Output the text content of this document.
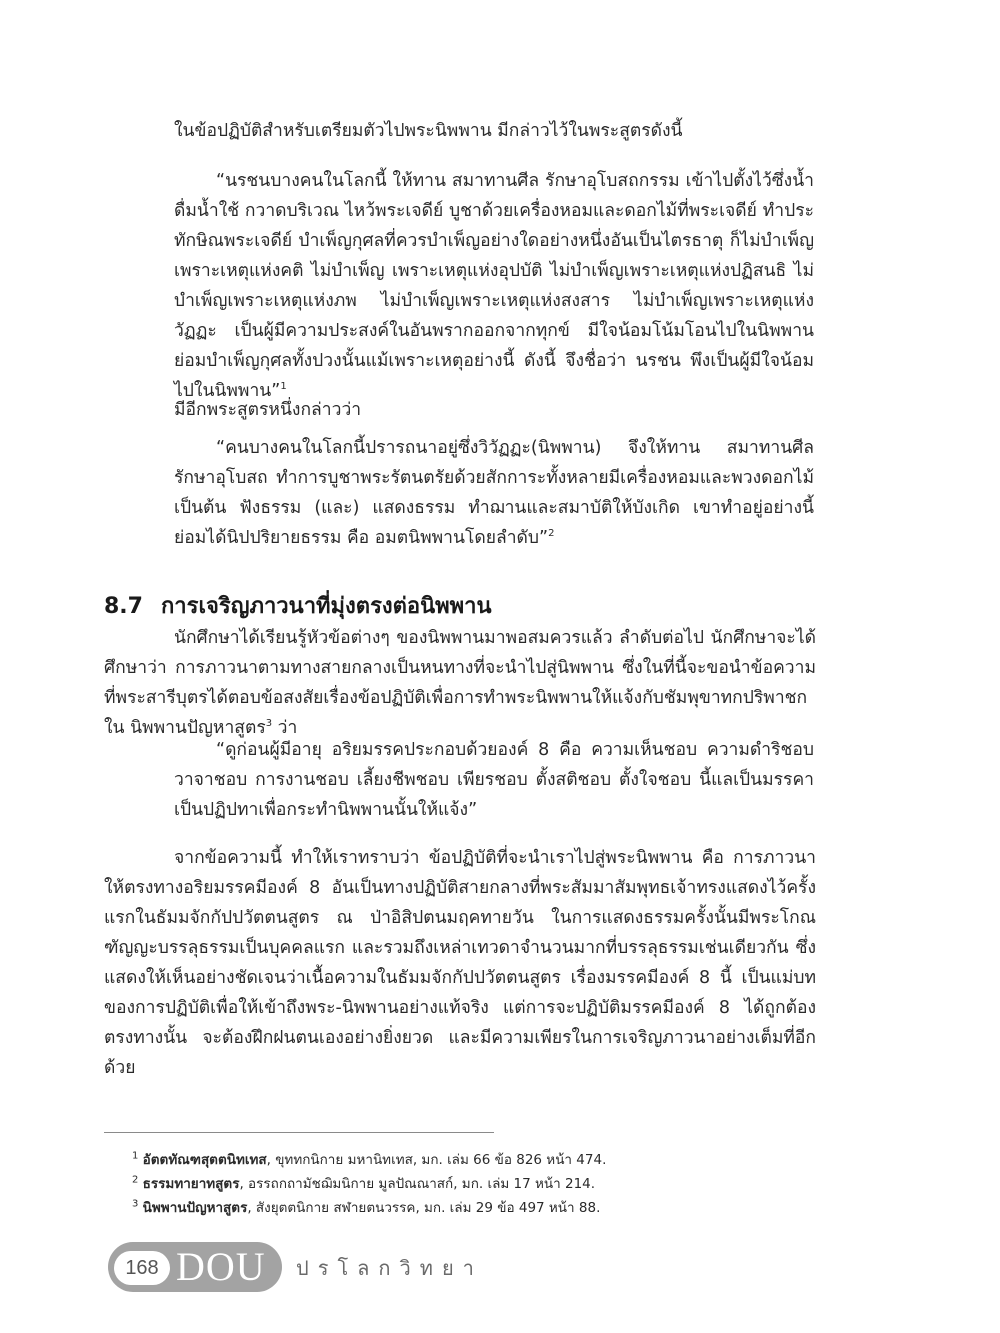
ในข้อปฏิบัติสำหรับเตรียมตัวไปพระนิพพาน มีกล่าวไว้ในพระสูตรดังนี้

“นรชนบางคนในโลกนี้ ให้ทาน สมาทานศีล รักษาอุโบสถกรรม เข้าไปตั้งไว้ซึ่งน้ำดื่มน้ำใช้ กวาดบริเวณ ไหว้พระเจดีย์ บูชาด้วยเครื่องหอมและดอกไม้ที่พระเจดีย์ ทำประทักษิณพระเจดีย์ บำเพ็ญกุศลที่ควรบำเพ็ญอย่างใดอย่างหนึ่งอันเป็นไตรธาตุ ก็ไม่บำเพ็ญเพราะเหตุแห่งคติ ไม่บำเพ็ญ เพราะเหตุแห่งอุปบัติ ไม่บำเพ็ญเพราะเหตุแห่งปฏิสนธิ ไม่บำเพ็ญเพราะเหตุแห่งภพ ไม่บำเพ็ญเพราะเหตุแห่งสงสาร ไม่บำเพ็ญเพราะเหตุแห่งวัฏฏะ เป็นผู้มีความประสงค์ในอันพรากออกจากทุกข์ มีใจน้อมโน้มโอนไปในนิพพาน ย่อมบำเพ็ญกุศลทั้งปวงนั้นแม้เพราะเหตุอย่างนี้ ดังนี้ จึงชื่อว่า นรชน พึงเป็นผู้มีใจน้อมไปในนิพพาน”$^1$

มีอีกพระสูตรหนึ่งกล่าวว่า

“คนบางคนในโลกนี้ปรารถนาอยู่ซึ่งวิวัฏฏะ(นิพพาน) จึงให้ทาน สมาทานศีล รักษาอุโบสถ ทำการบูชาพระรัตนตรัยด้วยสักการะทั้งหลายมีเครื่องหอมและพวงดอกไม้ เป็นต้น ฟังธรรม (และ) แสดงธรรม ทำฌานและสมาบัติให้บังเกิด เขาทำอยู่อย่างนี้ ย่อมได้นิปปริยายธรรม คือ อมตนิพพานโดยลำดับ”$^2$

8.7 การเจริญภาวนาที่มุ่งตรงต่อนิพพาน

นักศึกษาได้เรียนรู้หัวข้อต่างๆ ของนิพพานมาพอสมควรแล้ว ลำดับต่อไป นักศึกษาจะได้ศึกษาว่า การภาวนาตามทางสายกลางเป็นหนทางที่จะนำไปสู่นิพพาน ซึ่งในที่นี้จะขอนำข้อความที่พระสารีบุตรได้ตอบข้อสงสัยเรื่องข้อปฏิบัติเพื่อการทำพระนิพพานให้แจ้งกับชัมพุขาทกปริพาชกใน นิพพานปัญหาสูตร$^3$ ว่า

“ดูก่อนผู้มีอายุ อริยมรรคประกอบด้วยองค์ 8 คือ ความเห็นชอบ ความดำริชอบ วาจาชอบ การงานชอบ เลี้ยงชีพชอบ เพียรชอบ ตั้งสติชอบ ตั้งใจชอบ นี้แลเป็นมรรคา เป็นปฏิปทาเพื่อกระทำนิพพานนั้นให้แจ้ง”

จากข้อความนี้ ทำให้เราทราบว่า ข้อปฏิบัติที่จะนำเราไปสู่พระนิพพาน คือ การภาวนาให้ตรงทางอริยมรรคมีองค์ 8 อันเป็นทางปฏิบัติสายกลางที่พระสัมมาสัมพุทธเจ้าทรงแสดงไว้ครั้งแรกในธัมมจักกัปปวัตตนสูตร ณ ป่าอิสิปตนมฤคทายวัน ในการแสดงธรรมครั้งนั้นมีพระโกณฑัญญะบรรลุธรรมเป็นบุคคลแรก และรวมถึงเหล่าเทวดาจำนวนมากที่บรรลุธรรมเช่นเดียวกัน ซึ่งแสดงให้เห็นอย่างชัดเจนว่าเนื้อความในธัมมจักกัปปวัตตนสูตร เรื่องมรรคมีองค์ 8 นี้ เป็นแม่บทของการปฏิบัติเพื่อให้เข้าถึงพระ-นิพพานอย่างแท้จริง แต่การจะปฏิบัติมรรคมีองค์ 8 ได้ถูกต้องตรงทางนั้น จะต้องฝึกฝนตนเองอย่างยิ่งยวด และมีความเพียรในการเจริญภาวนาอย่างเต็มที่อีกด้วย

$^1$ อัตตทัณฑสุตตนิทเทส, ขุททกนิกาย มหานิทเทส, มก. เล่ม 66 ข้อ 826 หน้า 474.

$^2$ ธรรมทายาทสูตร, อรรถกถามัชฌิมนิกาย มูลปัณณาสก์, มก. เล่ม 17 หน้า 214.

$^3$ นิพพานปัญหาสูตร, สังยุตตนิกาย สฬายตนวรรค, มก. เล่ม 29 ข้อ 497 หน้า 88.

168 DOU ปรโลกวิทยา
